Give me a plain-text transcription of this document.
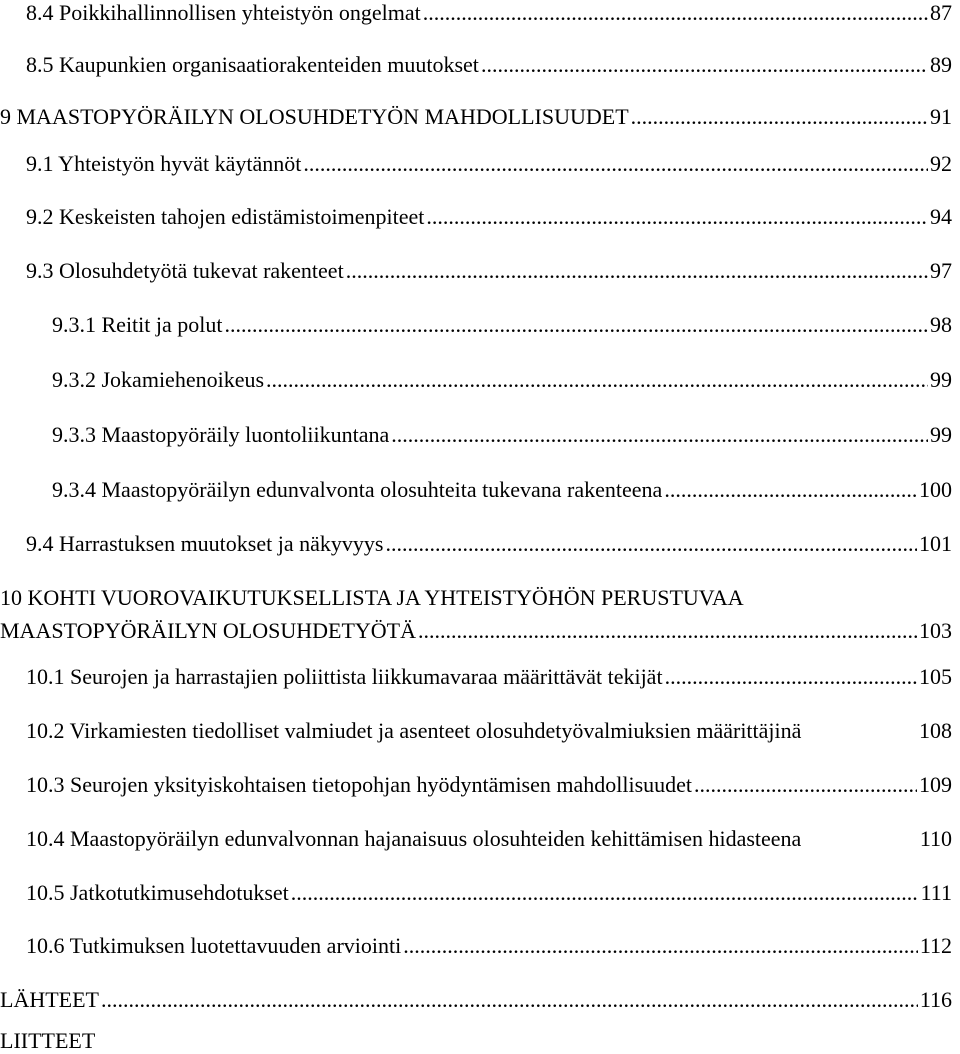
8.4 Poikkihallinnollisen yhteistyön ongelmat .....	87
8.5 Kaupunkien organisaatiorakenteiden muutokset .....	89
9 MAASTOPYÖRÄILYN OLOSUHDETYÖN MAHDOLLISUUDET .....	91
9.1 Yhteistyön hyvät käytännöt .....	92
9.2 Keskeisten tahojen edistämistoimenpiteet .....	94
9.3 Olosuhdetyötä tukevat rakenteet .....	97
9.3.1 Reitit ja polut .....	98
9.3.2 Jokamiehenoikeus .....	99
9.3.3 Maastopyöräily luontoliikuntana .....	99
9.3.4 Maastopyöräilyn edunvalvonta olosuhteita tukevana rakenteena .....	100
9.4 Harrastuksen muutokset ja näkyvyys .....	101
10 KOHTI VUOROVAIKUTUKSELLISTA JA YHTEISTYÖHÖN PERUSTUVAA
MAASTOPYÖRÄILYN OLOSUHDETYÖTÄ .....	103
10.1 Seurojen ja harrastajien poliittista liikkumavaraa määrittävät tekijät .....	105
10.2 Virkamiesten tiedolliset valmiudet ja asenteet olosuhdetyövalmiuksien määrittäjinä	108
10.3 Seurojen yksityiskohtaisen tietopohjan hyödyntämisen mahdollisuudet .....	109
10.4 Maastopyöräilyn edunvalvonnan hajanaisuus olosuhteiden kehittämisen hidasteena	110
10.5 Jatkotutkimusehdotukset .....	111
10.6 Tutkimuksen luotettavuuden arviointi .....	112
LÄHTEET .....	116
LIITTEET
